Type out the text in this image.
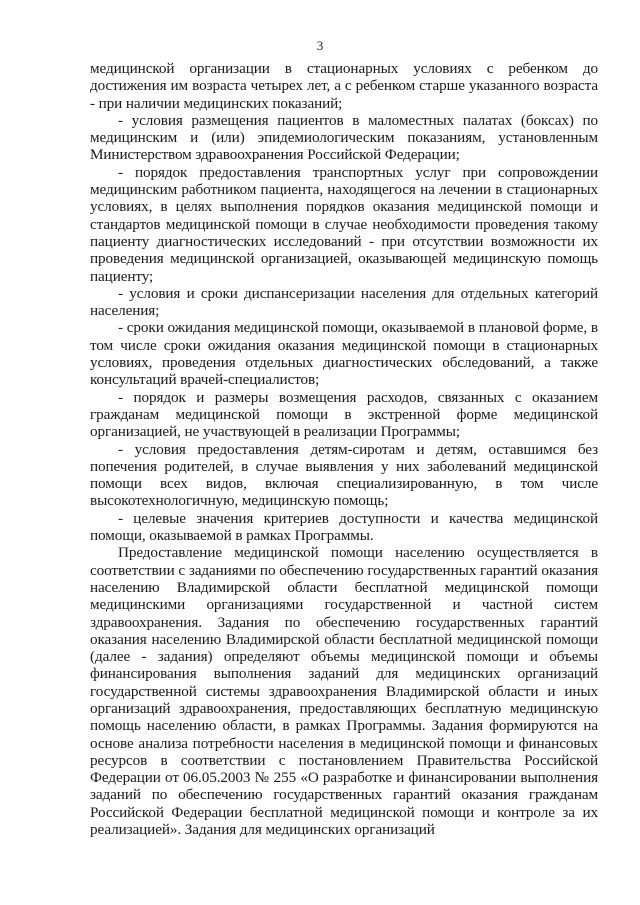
3

медицинской организации в стационарных условиях с ребенком до достижения им возраста четырех лет, а с ребенком старше указанного возраста - при наличии медицинских показаний;

- условия размещения пациентов в маломестных палатах (боксах) по медицинским и (или) эпидемиологическим показаниям, установленным Министерством здравоохранения Российской Федерации;

- порядок предоставления транспортных услуг при сопровождении медицинским работником пациента, находящегося на лечении в стационарных условиях, в целях выполнения порядков оказания медицинской помощи и стандартов медицинской помощи в случае необходимости проведения такому пациенту диагностических исследований - при отсутствии возможности их проведения медицинской организацией, оказывающей медицинскую помощь пациенту;

- условия и сроки диспансеризации населения для отдельных категорий населения;

- сроки ожидания медицинской помощи, оказываемой в плановой форме, в том числе сроки ожидания оказания медицинской помощи в стационарных условиях, проведения отдельных диагностических обследований, а также консультаций врачей-специалистов;

- порядок и размеры возмещения расходов, связанных с оказанием гражданам медицинской помощи в экстренной форме медицинской организацией, не участвующей в реализации Программы;

- условия предоставления детям-сиротам и детям, оставшимся без попечения родителей, в случае выявления у них заболеваний медицинской помощи всех видов, включая специализированную, в том числе высокотехнологичную, медицинскую помощь;

- целевые значения критериев доступности и качества медицинской помощи, оказываемой в рамках Программы.

Предоставление медицинской помощи населению осуществляется в соответствии с заданиями по обеспечению государственных гарантий оказания населению Владимирской области бесплатной медицинской помощи медицинскими организациями государственной и частной систем здравоохранения. Задания по обеспечению государственных гарантий оказания населению Владимирской области бесплатной медицинской помощи (далее - задания) определяют объемы медицинской помощи и объемы финансирования выполнения заданий для медицинских организаций государственной системы здравоохранения Владимирской области и иных организаций здравоохранения, предоставляющих бесплатную медицинскую помощь населению области, в рамках Программы. Задания формируются на основе анализа потребности населения в медицинской помощи и финансовых ресурсов в соответствии с постановлением Правительства Российской Федерации от 06.05.2003 № 255 «О разработке и финансировании выполнения заданий по обеспечению государственных гарантий оказания гражданам Российской Федерации бесплатной медицинской помощи и контроле за их реализацией». Задания для медицинских организаций
